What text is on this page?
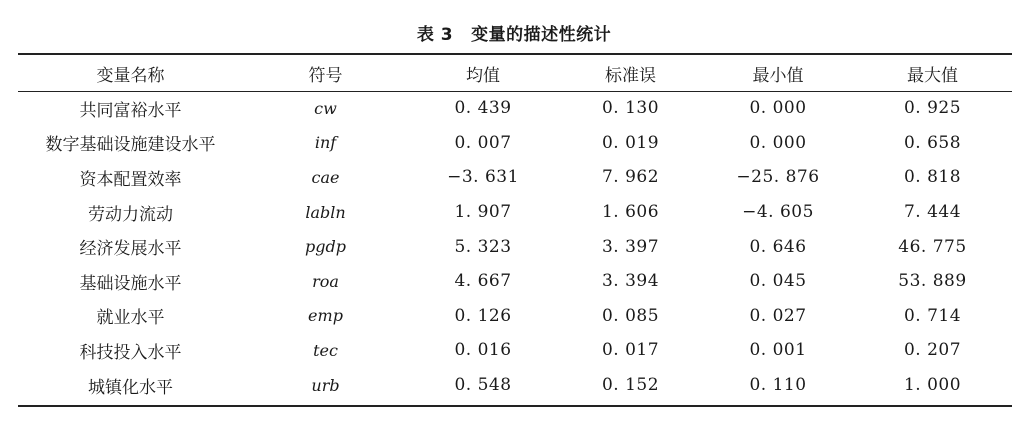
表 3 变量的描述性统计
变量名称	符号	均值	标准误	最小值	最大值
共同富裕水平	cw	0. 439	0. 130	0. 000	0. 925
数字基础设施建设水平	inf	0. 007	0. 019	0. 000	0. 658
资本配置效率	cae	−3. 631	7. 962	−25. 876	0. 818
劳动力流动	labln	1. 907	1. 606	−4. 605	7. 444
经济发展水平	pgdp	5. 323	3. 397	0. 646	46. 775
基础设施水平	roa	4. 667	3. 394	0. 045	53. 889
就业水平	emp	0. 126	0. 085	0. 027	0. 714
科技投入水平	tec	0. 016	0. 017	0. 001	0. 207
城镇化水平	urb	0. 548	0. 152	0. 110	1. 000
